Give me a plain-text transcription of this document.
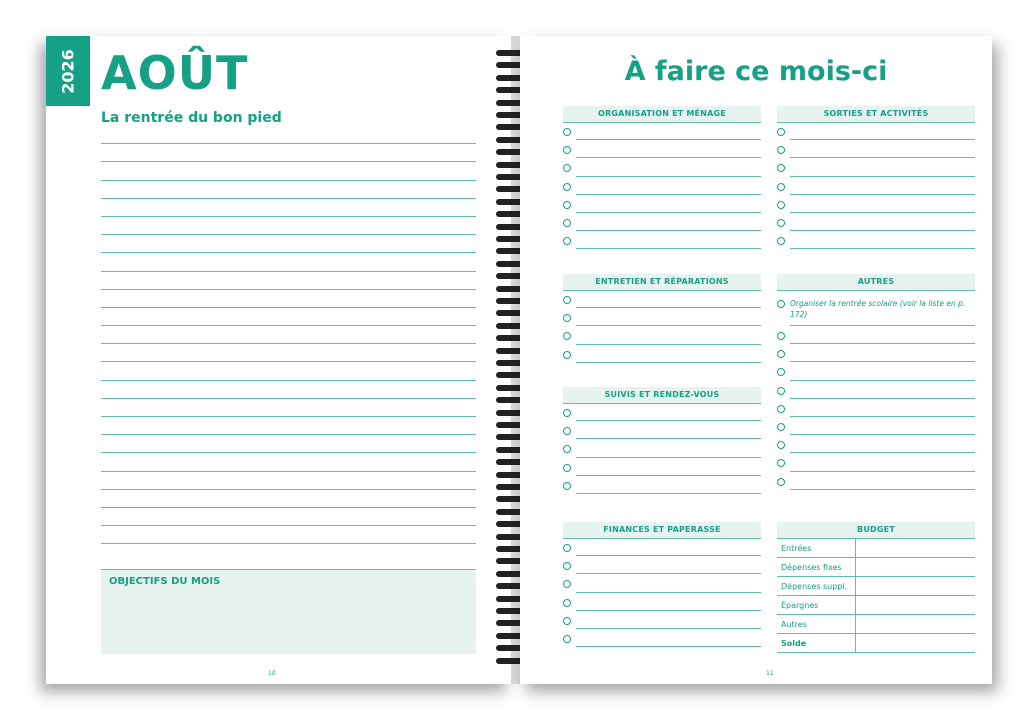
2026 AOÛT
La rentrée du bon pied
OBJECTIFS DU MOIS
10
À faire ce mois-ci
ORGANISATION ET MÉNAGE	SORTIES ET ACTIVITÉS
ENTRETIEN ET RÉPARATIONS	AUTRES
Organiser la rentrée scolaire (voir la liste en p. 172)
SUIVIS ET RENDEZ-VOUS
FINANCES ET PAPERASSE	BUDGET
Entrées	
Dépenses fixes	
Dépenses suppl.	
Épargnes	
Autres	
Solde	
11
